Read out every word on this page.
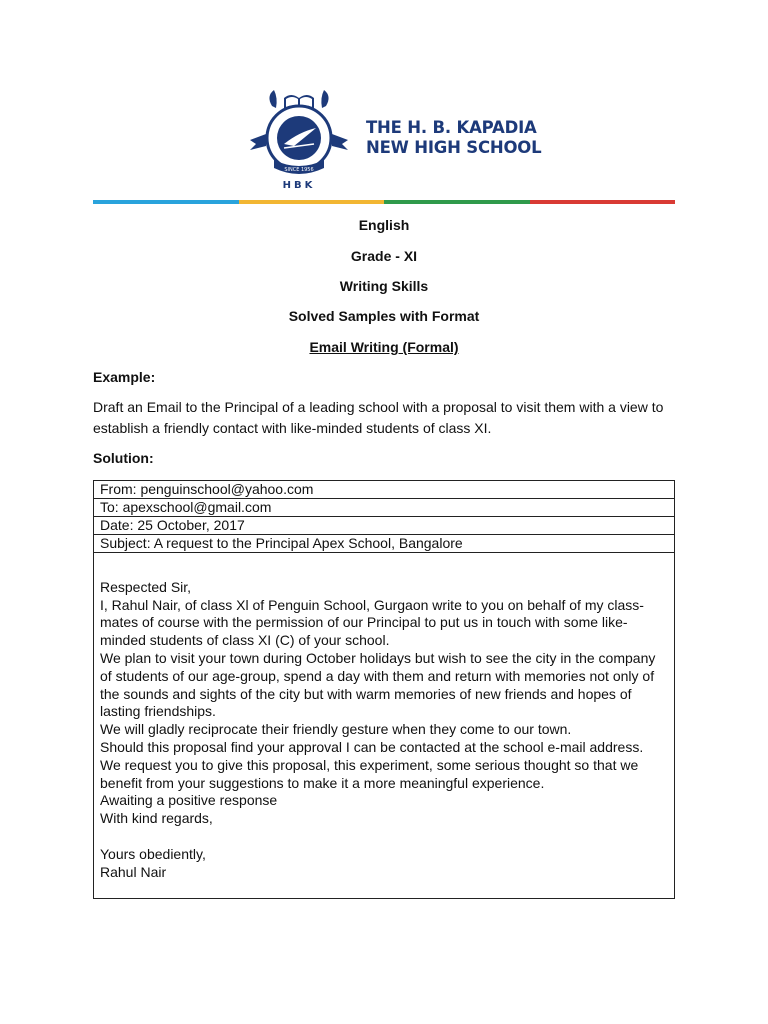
SINCE 1956
HBK
THE H. B. KAPADIA
NEW HIGH SCHOOL
English
Grade - XI
Writing Skills
Solved Samples with Format
Email Writing (Formal)
Example:
Draft an Email to the Principal of a leading school with a proposal to visit them with a view to establish a friendly contact with like-minded students of class XI.
Solution:
From: penguinschool@yahoo.com
To: apexschool@gmail.com
Date: 25 October, 2017
Subject: A request to the Principal Apex School, Bangalore

Respected Sir,

I, Rahul Nair, of class Xl of Penguin School, Gurgaon write to you on behalf of my class-mates of course with the permission of our Principal to put us in touch with some like-minded students of class XI (C) of your school.

We plan to visit your town during October holidays but wish to see the city in the company of students of our age-group, spend a day with them and return with memories not only of the sounds and sights of the city but with warm memories of new friends and hopes of lasting friendships.

We will gladly reciprocate their friendly gesture when they come to our town.

Should this proposal find your approval I can be contacted at the school e-mail address.

We request you to give this proposal, this experiment, some serious thought so that we benefit from your suggestions to make it a more meaningful experience.

Awaiting a positive response

With kind regards,

Yours obediently,

Rahul Nair
